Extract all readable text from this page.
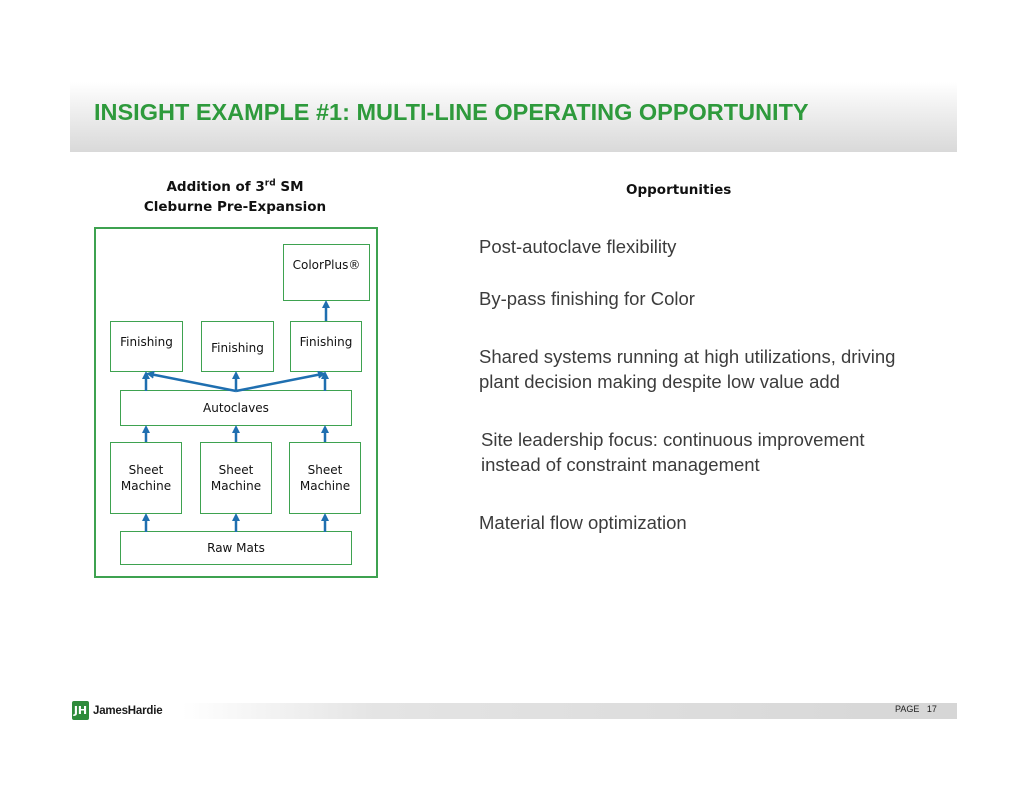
INSIGHT EXAMPLE #1: MULTI-LINE OPERATING OPPORTUNITY
Addition of 3rd SM
Cleburne Pre-Expansion
Opportunities
ColorPlus®
Finishing	Finishing	Finishing
Autoclaves
Sheet
Machine
Sheet
Machine
Sheet
Machine
Raw Mats
Post-autoclave flexibility
By-pass finishing for Color
Shared systems running at high utilizations, driving
plant decision making despite low value add
Site leadership focus: continuous improvement
instead of constraint management
Material flow optimization
JH JamesHardie	PAGE 17
